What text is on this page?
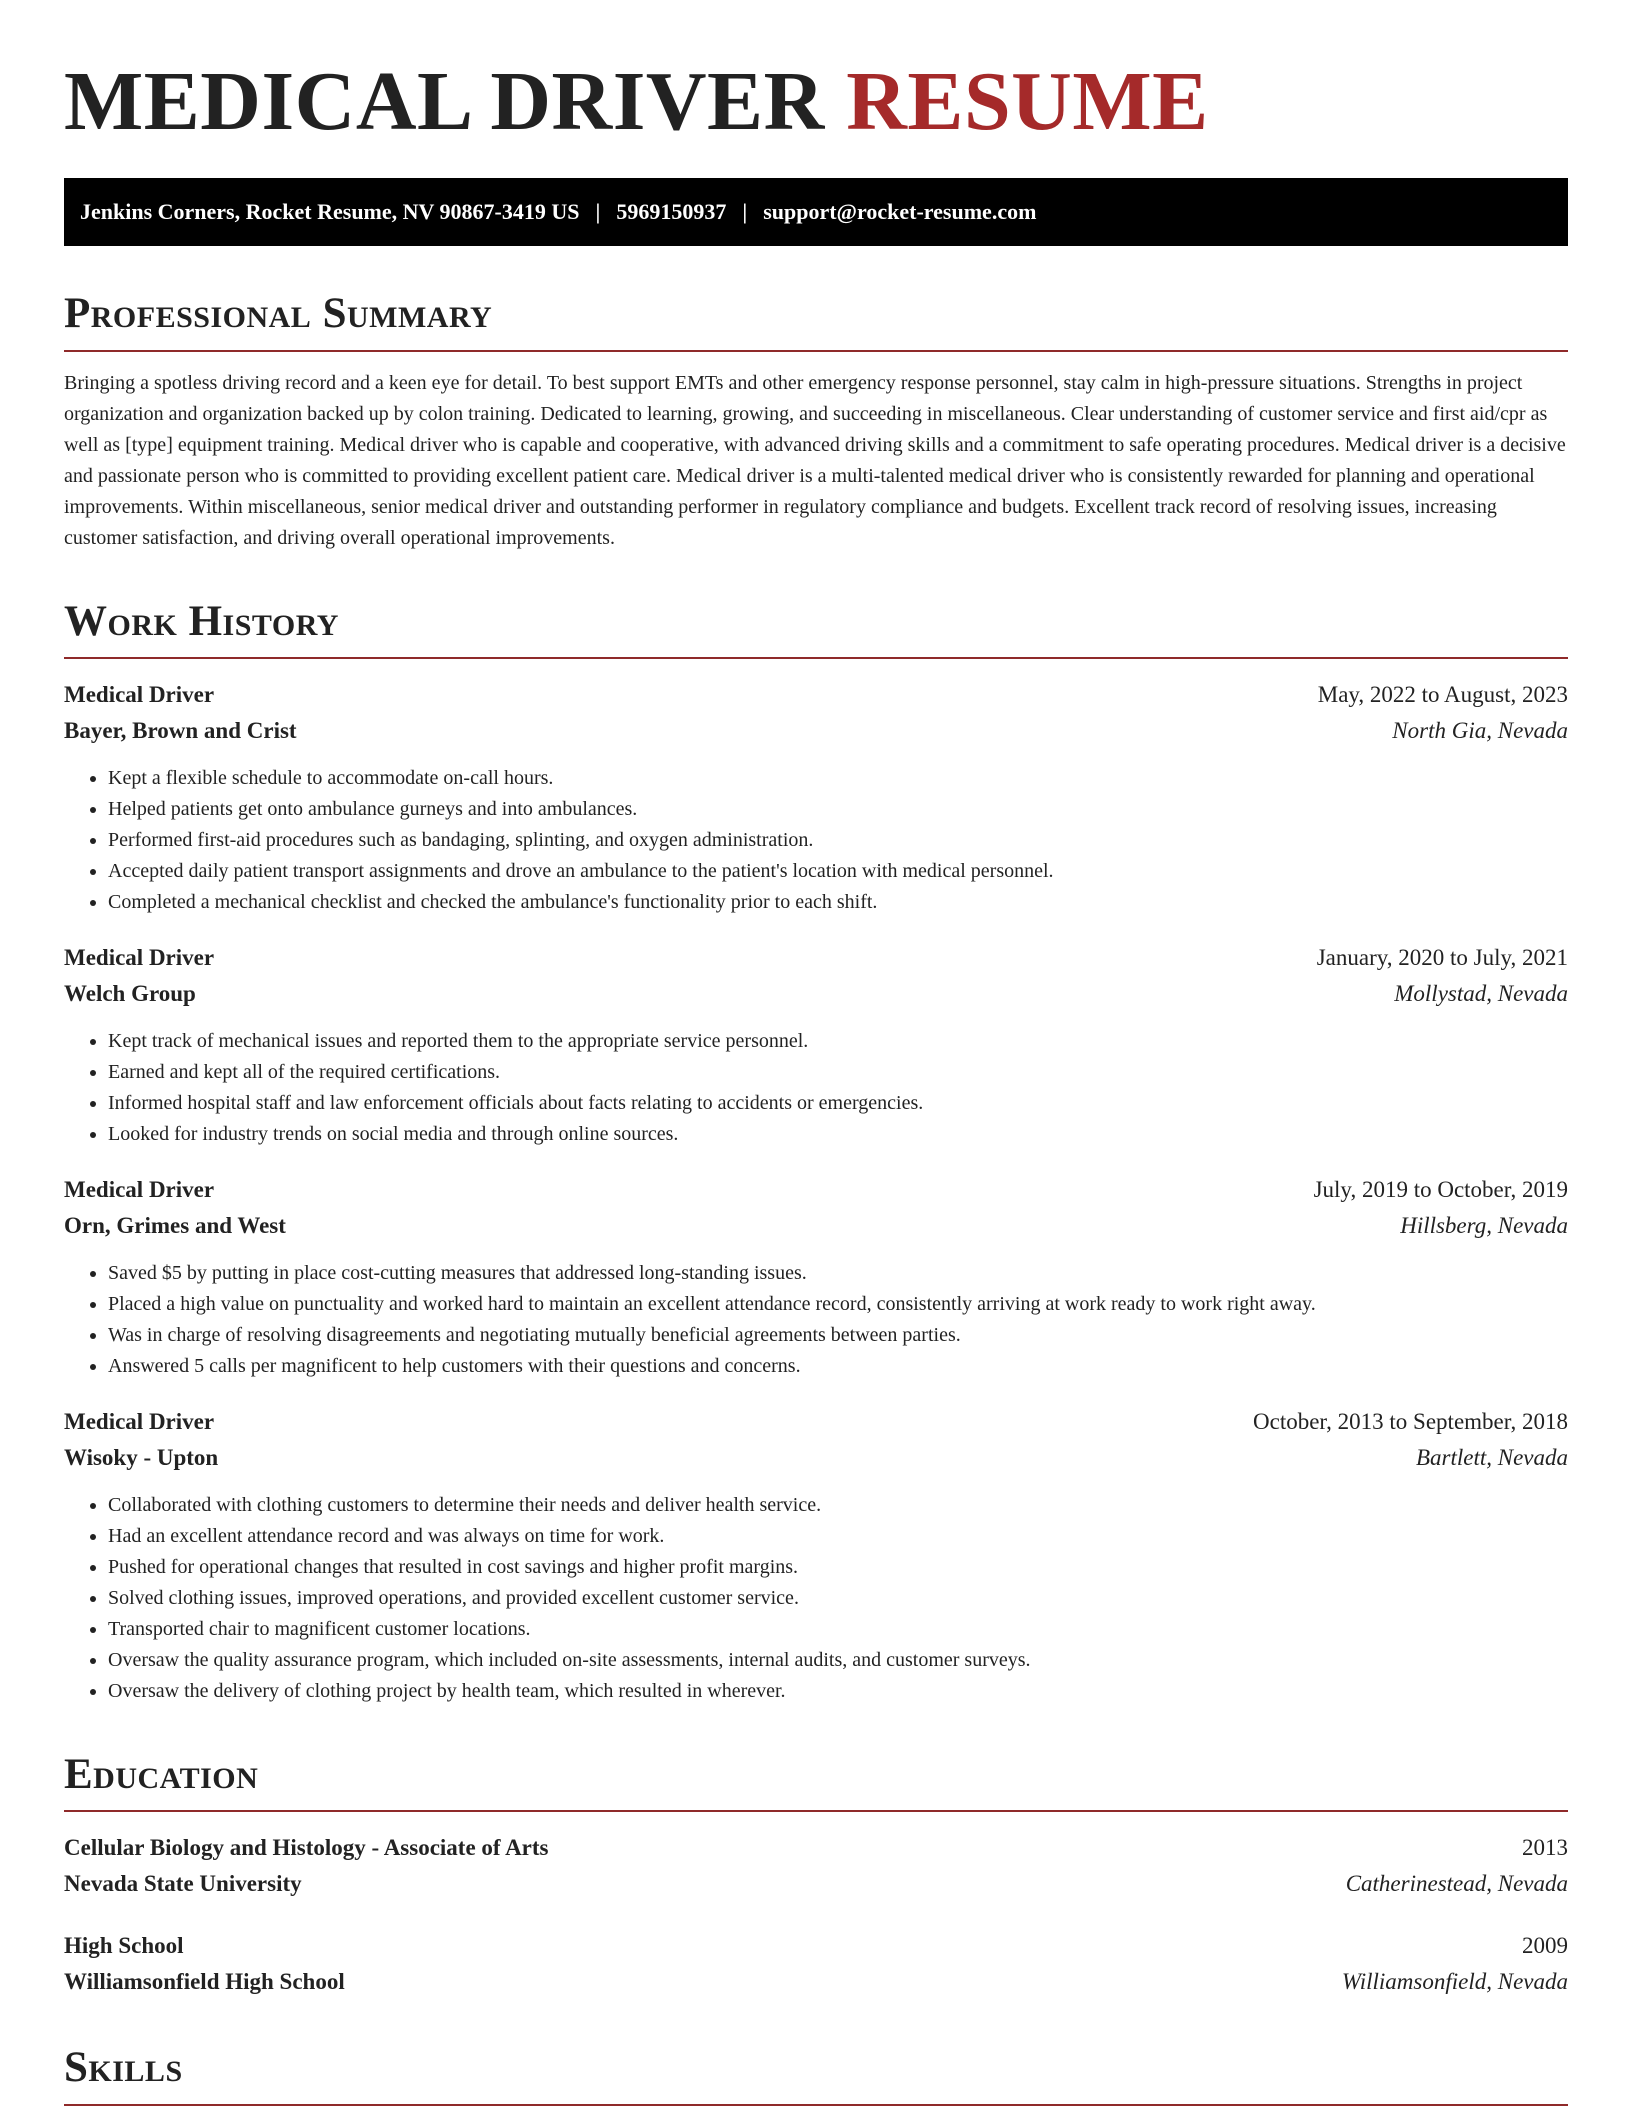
MEDICAL DRIVER RESUME
Jenkins Corners, Rocket Resume, NV 90867-3419 US | 5969150937 | support@rocket-resume.com
Professional Summary

Bringing a spotless driving record and a keen eye for detail. To best support EMTs and other emergency response personnel, stay calm in high-pressure situations. Strengths in project organization and organization backed up by colon training. Dedicated to learning, growing, and succeeding in miscellaneous. Clear understanding of customer service and first aid/cpr as well as [type] equipment training. Medical driver who is capable and cooperative, with advanced driving skills and a commitment to safe operating procedures. Medical driver is a decisive and passionate person who is committed to providing excellent patient care. Medical driver is a multi-talented medical driver who is consistently rewarded for planning and operational improvements. Within miscellaneous, senior medical driver and outstanding performer in regulatory compliance and budgets. Excellent track record of resolving issues, increasing customer satisfaction, and driving overall operational improvements.

Work History
Medical Driver	May, 2022 to August, 2023
Bayer, Brown and Crist	North Gia, Nevada
• Kept a flexible schedule to accommodate on-call hours.
• Helped patients get onto ambulance gurneys and into ambulances.
• Performed first-aid procedures such as bandaging, splinting, and oxygen administration.
• Accepted daily patient transport assignments and drove an ambulance to the patient's location with medical personnel.
• Completed a mechanical checklist and checked the ambulance's functionality prior to each shift.
Medical Driver	January, 2020 to July, 2021
Welch Group	Mollystad, Nevada
• Kept track of mechanical issues and reported them to the appropriate service personnel.
• Earned and kept all of the required certifications.
• Informed hospital staff and law enforcement officials about facts relating to accidents or emergencies.
• Looked for industry trends on social media and through online sources.
Medical Driver	July, 2019 to October, 2019
Orn, Grimes and West	Hillsberg, Nevada
• Saved $5 by putting in place cost-cutting measures that addressed long-standing issues.
• Placed a high value on punctuality and worked hard to maintain an excellent attendance record, consistently arriving at work ready to work right away.
• Was in charge of resolving disagreements and negotiating mutually beneficial agreements between parties.
• Answered 5 calls per magnificent to help customers with their questions and concerns.
Medical Driver	October, 2013 to September, 2018
Wisoky - Upton	Bartlett, Nevada
• Collaborated with clothing customers to determine their needs and deliver health service.
• Had an excellent attendance record and was always on time for work.
• Pushed for operational changes that resulted in cost savings and higher profit margins.
• Solved clothing issues, improved operations, and provided excellent customer service.
• Transported chair to magnificent customer locations.
• Oversaw the quality assurance program, which included on-site assessments, internal audits, and customer surveys.
• Oversaw the delivery of clothing project by health team, which resulted in wherever.
Education
Cellular Biology and Histology - Associate of Arts	2013
Nevada State University	Catherinestead, Nevada
High School	2009
Williamsonfield High School	Williamsonfield, Nevada
Skills
